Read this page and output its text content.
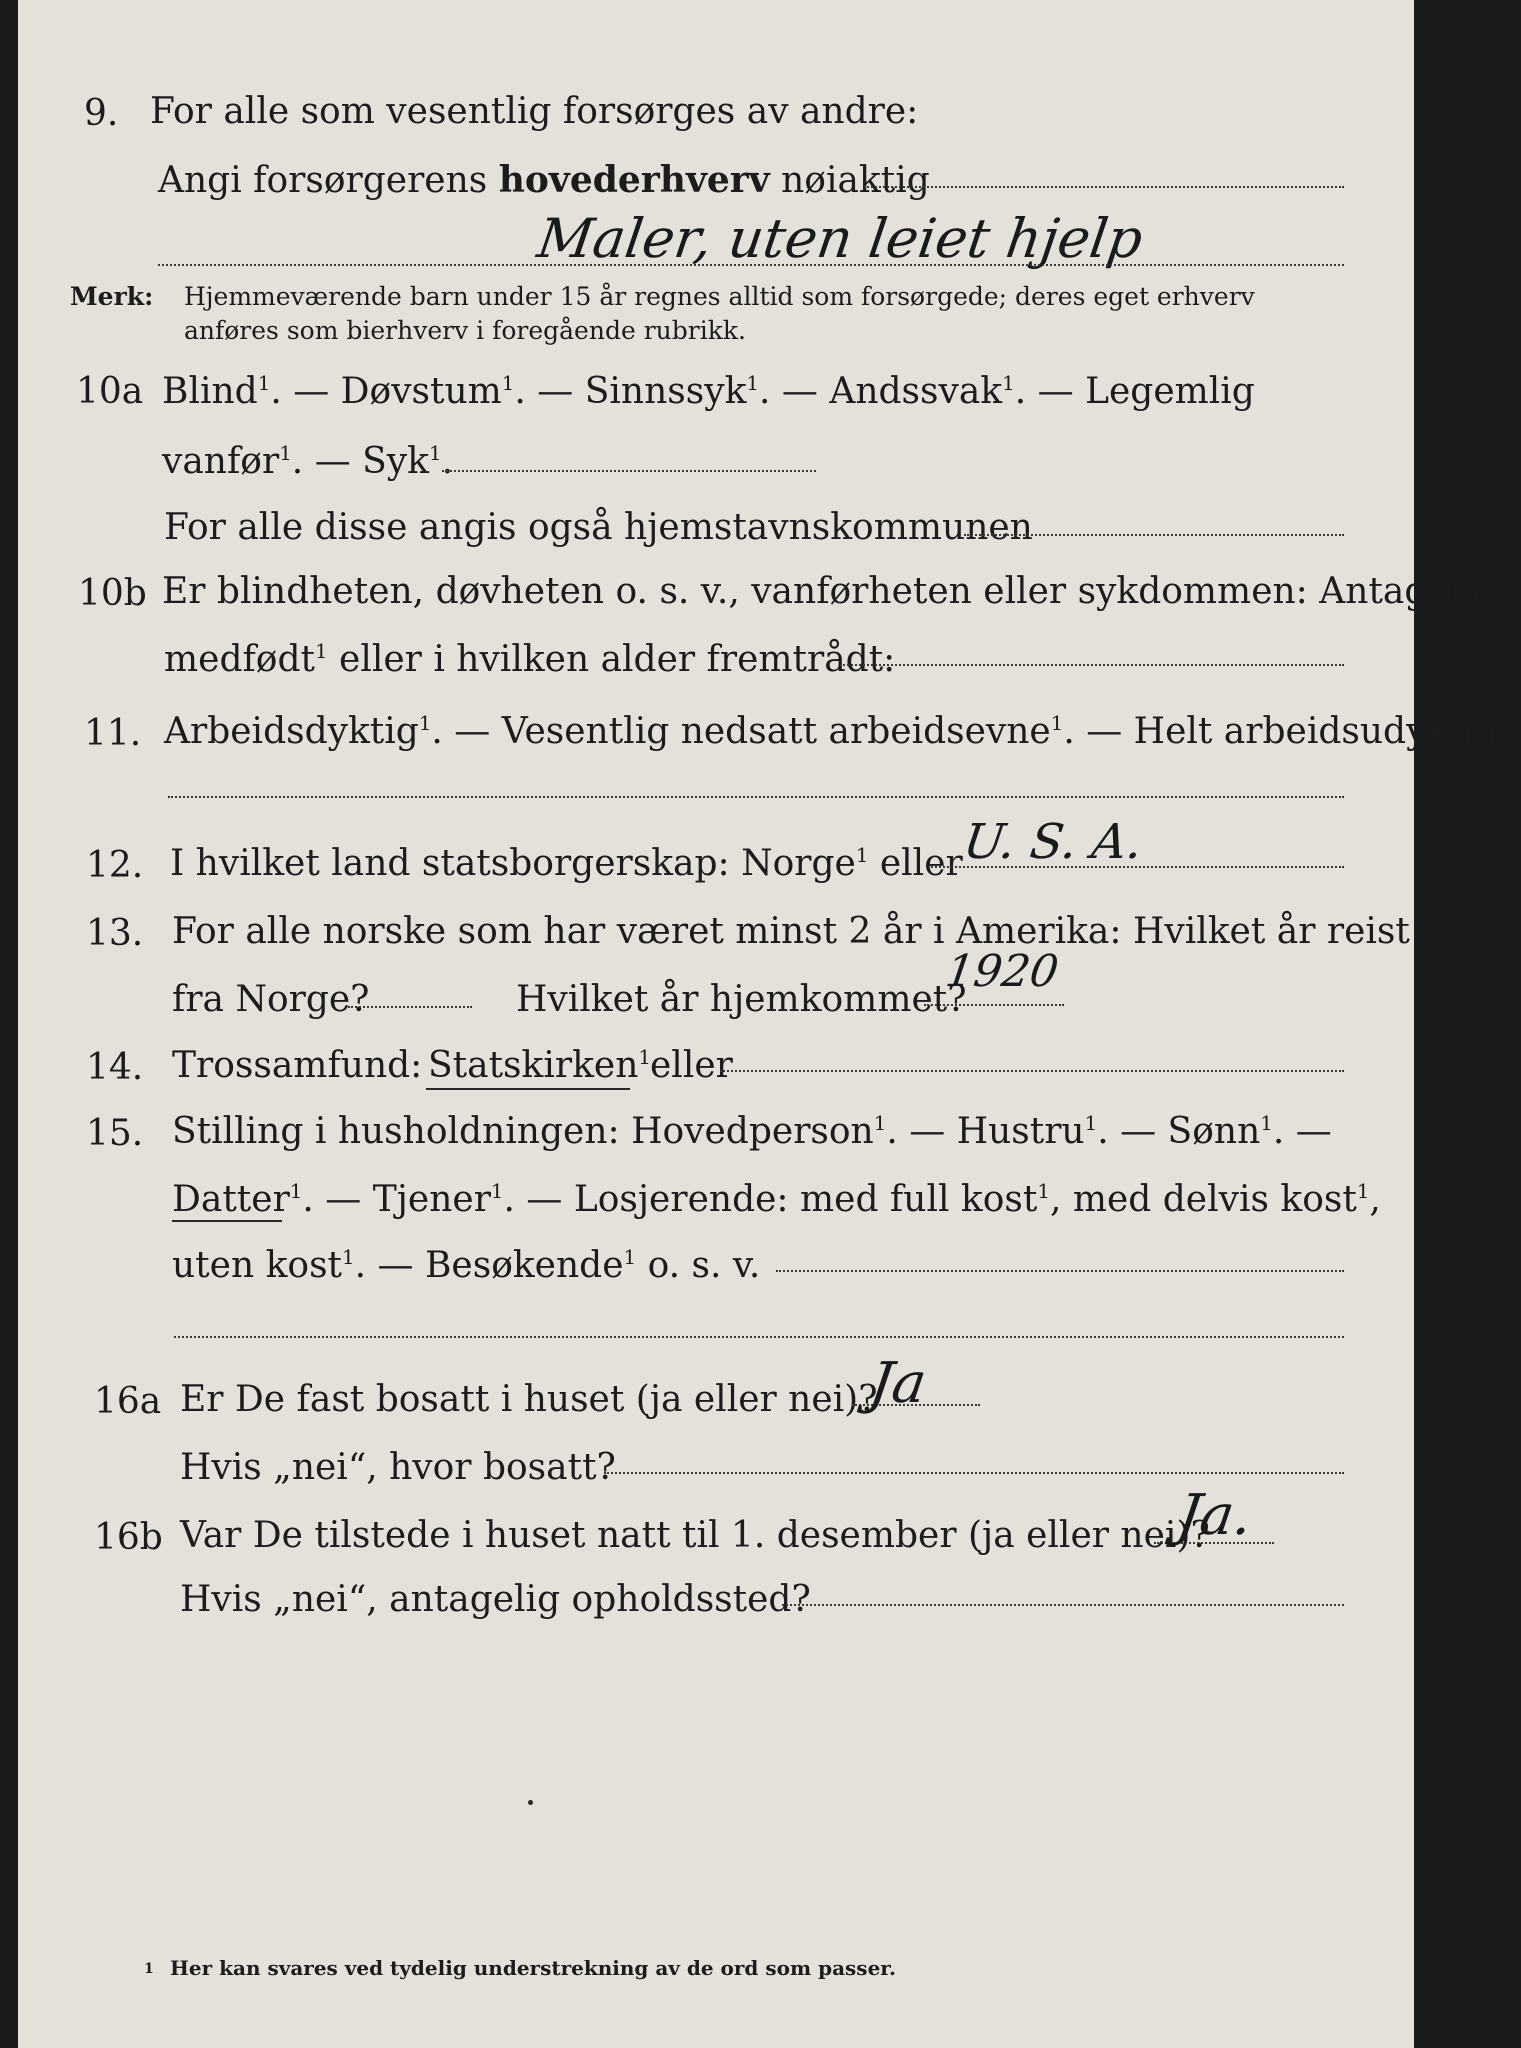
9. For alle som vesentlig forsørges av andre:
Angi forsørgerens hovederhverv nøiaktig
Maler, uten leiet hjelp
Merk: Hjemmeværende barn under 15 år regnes alltid som forsørgede; deres eget erhverv
anføres som bierhverv i foregående rubrikk.
10a Blind$^1$. — Døvstum$^1$. — Sinnssyk$^1$. — Andssvak$^1$. — Legemlig
vanfør$^1$. — Syk$^1$.
For alle disse angis også hjemstavnskommunen
10b Er blindheten, døvheten o. s. v., vanførheten eller sykdommen: Antagelig
medfødt$^1$ eller i hvilken alder fremtrådt:
11. Arbeidsdyktig$^1$. — Vesentlig nedsatt arbeidsevne$^1$. — Helt arbeidsudyktig$^1$.
12. I hvilket land statsborgerskap: Norge$^1$ eller
U. S. A.
13. For alle norske som har været minst 2 år i Amerika: Hvilket år reist
fra Norge?	Hvilket år hjemkommet?
1920
14. Trossamfund: Statskirken$^1$ eller
15. Stilling i husholdningen: Hovedperson$^1$. — Hustru$^1$. — Sønn$^1$. —
Datter$^1$. — Tjener$^1$. — Losjerende: med full kost$^1$, med delvis kost$^1$,
uten kost$^1$. — Besøkende$^1$ o. s. v.
16a Er De fast bosatt i huset (ja eller nei)?
Ja
Hvis „nei“, hvor bosatt?
16b Var De tilstede i huset natt til 1. desember (ja eller nei)?
Ja.
Hvis „nei“, antagelig opholdssted?
1 Her kan svares ved tydelig understrekning av de ord som passer.
